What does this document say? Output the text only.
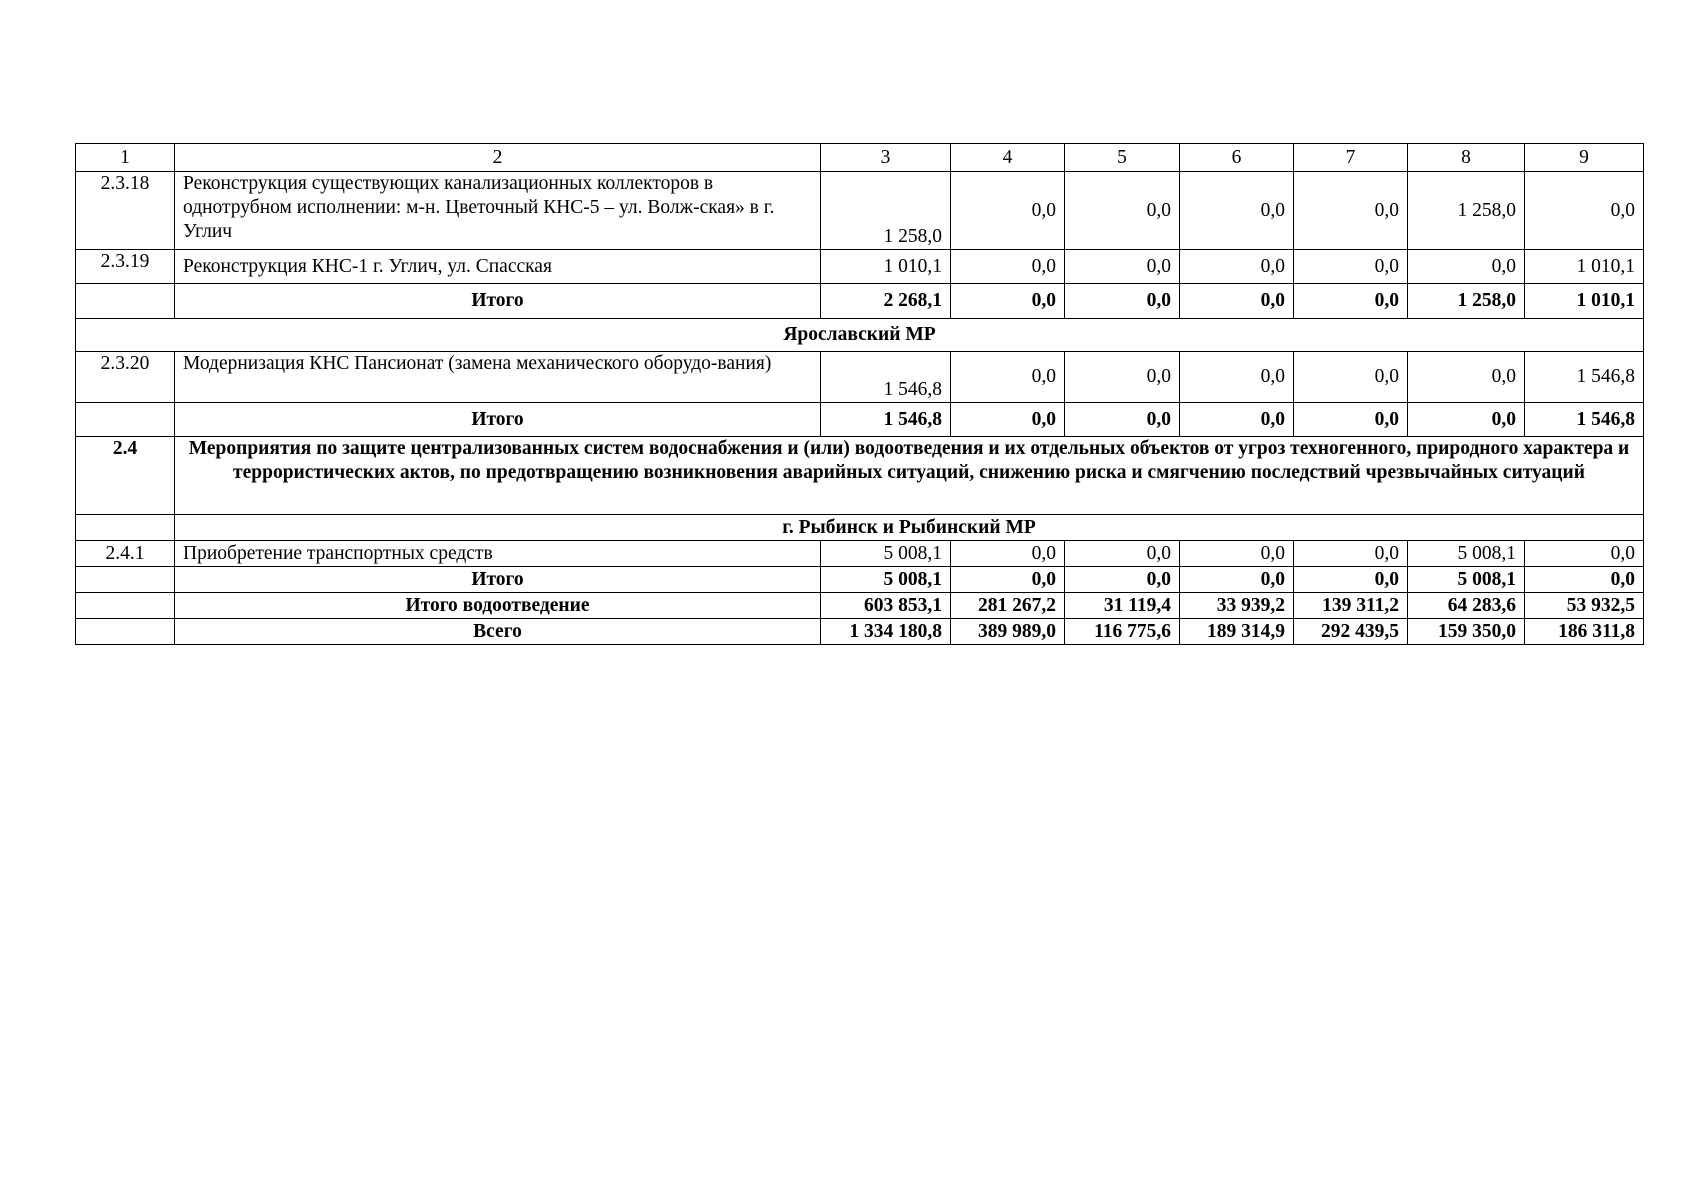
1	2	3	4	5	6	7	8	9
2.3.18	Реконструкция существующих канализационных коллекторов в однотрубном исполнении: м-н. Цветочный КНС-5 – ул. Волж-ская» в г. Углич	1 258,0	0,0	0,0	0,0	0,0	1 258,0	0,0
2.3.19	Реконструкция КНС-1 г. Углич, ул. Спасская	1 010,1	0,0	0,0	0,0	0,0	0,0	1 010,1
	Итого	2 268,1	0,0	0,0	0,0	0,0	1 258,0	1 010,1
Ярославский МР								
2.3.20	Модернизация КНС Пансионат (замена механического оборудо-вания)	1 546,8	0,0	0,0	0,0	0,0	0,0	1 546,8
	Итого	1 546,8	0,0	0,0	0,0	0,0	0,0	1 546,8
2.4	Мероприятия по защите централизованных систем водоснабжения и (или) водоотведения и их отдельных объектов от угроз техногенного, природного характера и террористических актов, по предотвращению возникновения аварийных ситуаций, снижению риска и смягчению последствий чрезвычайных ситуаций							
	г. Рыбинск и Рыбинский МР							
2.4.1	Приобретение транспортных средств	5 008,1	0,0	0,0	0,0	0,0	5 008,1	0,0
	Итого	5 008,1	0,0	0,0	0,0	0,0	5 008,1	0,0
	Итого водоотведение	603 853,1	281 267,2	31 119,4	33 939,2	139 311,2	64 283,6	53 932,5
	Всего	1 334 180,8	389 989,0	116 775,6	189 314,9	292 439,5	159 350,0	186 311,8
